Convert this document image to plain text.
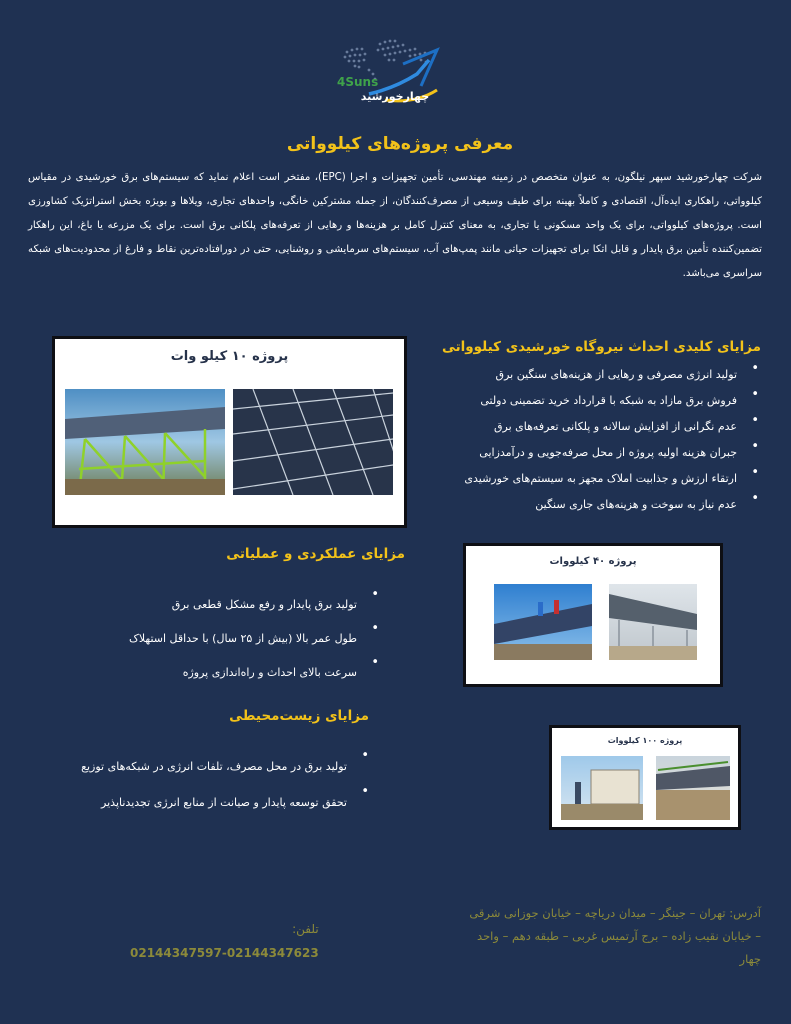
4Suns
چهارخورشید
معرفی پروژه‌های کیلوواتی
شرکت چهارخورشید سپهر نیلگون، به عنوان متخصص در زمینه مهندسی، تأمین تجهیزات و اجرا (EPC)، مفتخر است اعلام نماید که سیستم‌های برق خورشیدی در مقیاس کیلوواتی، راهکاری ایده‌آل، اقتصادی و کاملاً بهینه برای طیف وسیعی از مصرف‌کنندگان، از جمله مشترکین خانگی، واحدهای تجاری، ویلاها و بویژه بخش استراتژیک کشاورزی است. پروژه‌های کیلوواتی، برای یک واحد مسکونی یا تجاری، به معنای کنترل کامل بر هزینه‌ها و رهایی از تعرفه‌های پلکانی برق است. برای یک مزرعه یا باغ، این راهکار تضمین‌کننده تأمین برق پایدار و قابل اتکا برای تجهیزات حیاتی مانند پمپ‌های آب، سیستم‌های سرمایشی و روشنایی، حتی در دورافتاده‌ترین نقاط و فارغ از محدودیت‌های شبکه سراسری می‌باشد.
مزایای کلیدی احداث نیروگاه خورشیدی کیلوواتی
• تولید انرژی مصرفی و رهایی از هزینه‌های سنگین برق
• فروش برق مازاد به شبکه با قرارداد خرید تضمینی دولتی
• عدم نگرانی از افزایش سالانه و پلکانی تعرفه‌های برق
• جبران هزینه اولیه پروژه از محل صرفه‌جویی و درآمدزایی
• ارتقاء ارزش و جذابیت املاک مجهز به سیستم‌های خورشیدی
• عدم نیاز به سوخت و هزینه‌های جاری سنگین
مزایای عملکردی و عملیاتی
• تولید برق پایدار و رفع مشکل قطعی برق
• طول عمر بالا (بیش از ۲۵ سال) با حداقل استهلاک
• سرعت بالای احداث و راه‌اندازی پروژه
مزایای زیست‌محیطی
• تولید برق در محل مصرف، تلفات انرژی در شبکه‌های توزیع
• تحقق توسعه پایدار و صیانت از منابع انرژی تجدیدناپذیر
پروژه ۱۰ کیلو وات
پروژه ۴۰ کیلووات
پروژه ۱۰۰ کیلووات
آدرس: تهران – جینگر – میدان دریاچه – خیابان جوزانی شرقی – خیابان نقیب زاده – برج آرتمیس غربی – طبقه دهم – واحد چهار
تلفن:
02144347597-02144347623
